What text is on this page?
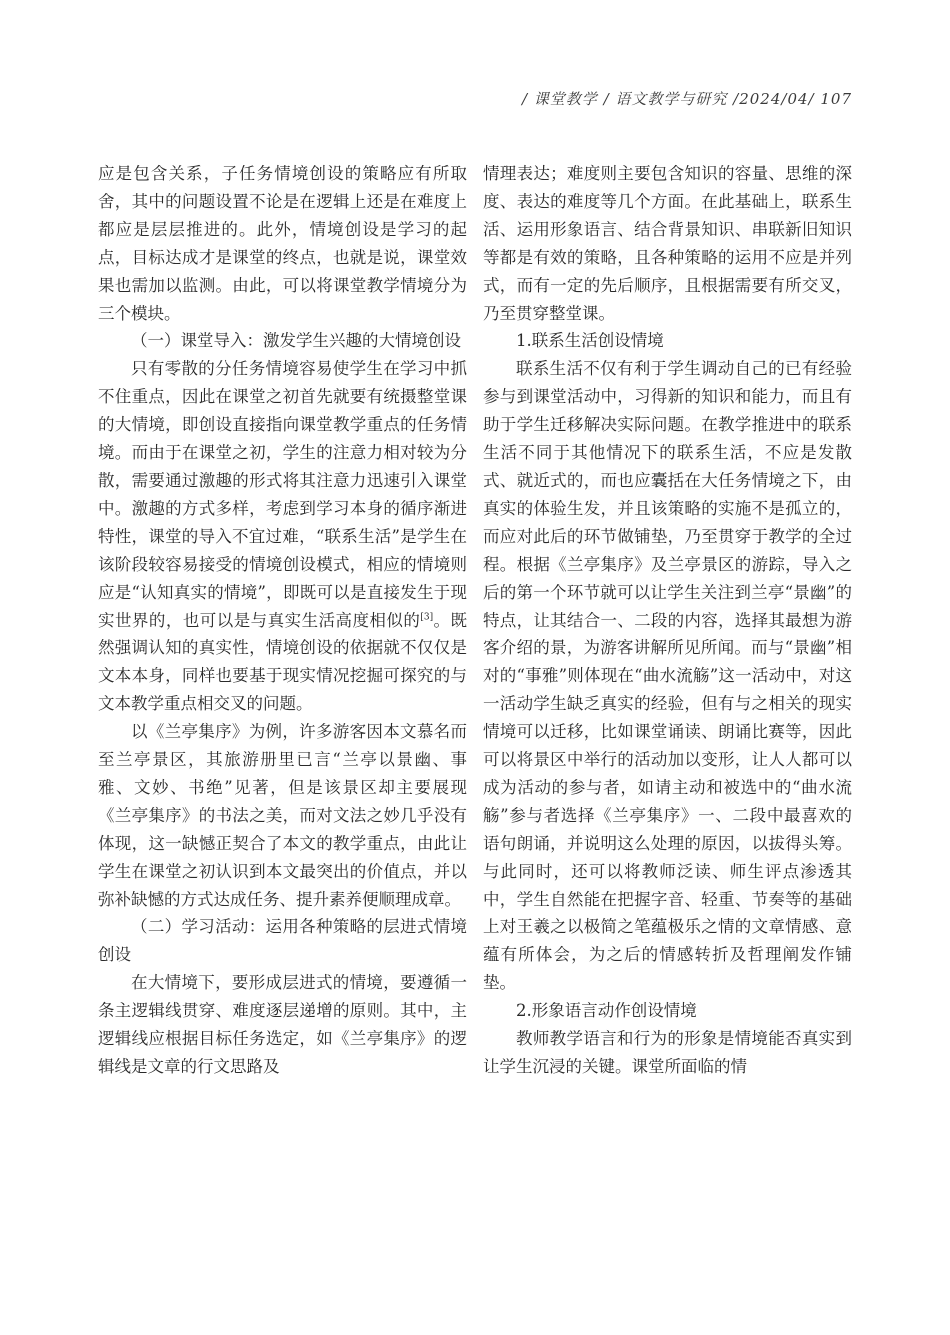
/ 课堂教学 / 语文教学与研究 /2024/04/ 107

应是包含关系，子任务情境创设的策略应有所取舍，其中的问题设置不论是在逻辑上还是在难度上都应是层层推进的。此外，情境创设是学习的起点，目标达成才是课堂的终点，也就是说，课堂效果也需加以监测。由此，可以将课堂教学情境分为三个模块。

（一）课堂导入：激发学生兴趣的大情境创设

只有零散的分任务情境容易使学生在学习中抓不住重点，因此在课堂之初首先就要有统摄整堂课的大情境，即创设直接指向课堂教学重点的任务情境。而由于在课堂之初，学生的注意力相对较为分散，需要通过激趣的形式将其注意力迅速引入课堂中。激趣的方式多样，考虑到学习本身的循序渐进特性，课堂的导入不宜过难，“联系生活”是学生在该阶段较容易接受的情境创设模式，相应的情境则应是“认知真实的情境”，即既可以是直接发生于现实世界的，也可以是与真实生活高度相似的[3]。既然强调认知的真实性，情境创设的依据就不仅仅是文本本身，同样也要基于现实情况挖掘可探究的与文本教学重点相交叉的问题。

以《兰亭集序》为例，许多游客因本文慕名而至兰亭景区，其旅游册里已言“兰亭以景幽、事雅、文妙、书绝”见著，但是该景区却主要展现《兰亭集序》的书法之美，而对文法之妙几乎没有体现，这一缺憾正契合了本文的教学重点，由此让学生在课堂之初认识到本文最突出的价值点，并以弥补缺憾的方式达成任务、提升素养便顺理成章。

（二）学习活动：运用各种策略的层进式情境创设

在大情境下，要形成层进式的情境，要遵循一条主逻辑线贯穿、难度逐层递增的原则。其中，主逻辑线应根据目标任务选定，如《兰亭集序》的逻辑线是文章的行文思路及

情理表达；难度则主要包含知识的容量、思维的深度、表达的难度等几个方面。在此基础上，联系生活、运用形象语言、结合背景知识、串联新旧知识等都是有效的策略，且各种策略的运用不应是并列式，而有一定的先后顺序，且根据需要有所交叉，乃至贯穿整堂课。

1.联系生活创设情境

联系生活不仅有利于学生调动自己的已有经验参与到课堂活动中，习得新的知识和能力，而且有助于学生迁移解决实际问题。在教学推进中的联系生活不同于其他情况下的联系生活，不应是发散式、就近式的，而也应囊括在大任务情境之下，由真实的体验生发，并且该策略的实施不是孤立的，而应对此后的环节做铺垫，乃至贯穿于教学的全过程。根据《兰亭集序》及兰亭景区的游踪，导入之后的第一个环节就可以让学生关注到兰亭“景幽”的特点，让其结合一、二段的内容，选择其最想为游客介绍的景，为游客讲解所见所闻。而与“景幽”相对的“事雅”则体现在“曲水流觞”这一活动中，对这一活动学生缺乏真实的经验，但有与之相关的现实情境可以迁移，比如课堂诵读、朗诵比赛等，因此可以将景区中举行的活动加以变形，让人人都可以成为活动的参与者，如请主动和被选中的“曲水流觞”参与者选择《兰亭集序》一、二段中最喜欢的语句朗诵，并说明这么处理的原因，以拔得头筹。与此同时，还可以将教师泛读、师生评点渗透其中，学生自然能在把握字音、轻重、节奏等的基础上对王羲之以极简之笔蕴极乐之情的文章情感、意蕴有所体会，为之后的情感转折及哲理阐发作铺垫。

2.形象语言动作创设情境

教师教学语言和行为的形象是情境能否真实到让学生沉浸的关键。课堂所面临的情
